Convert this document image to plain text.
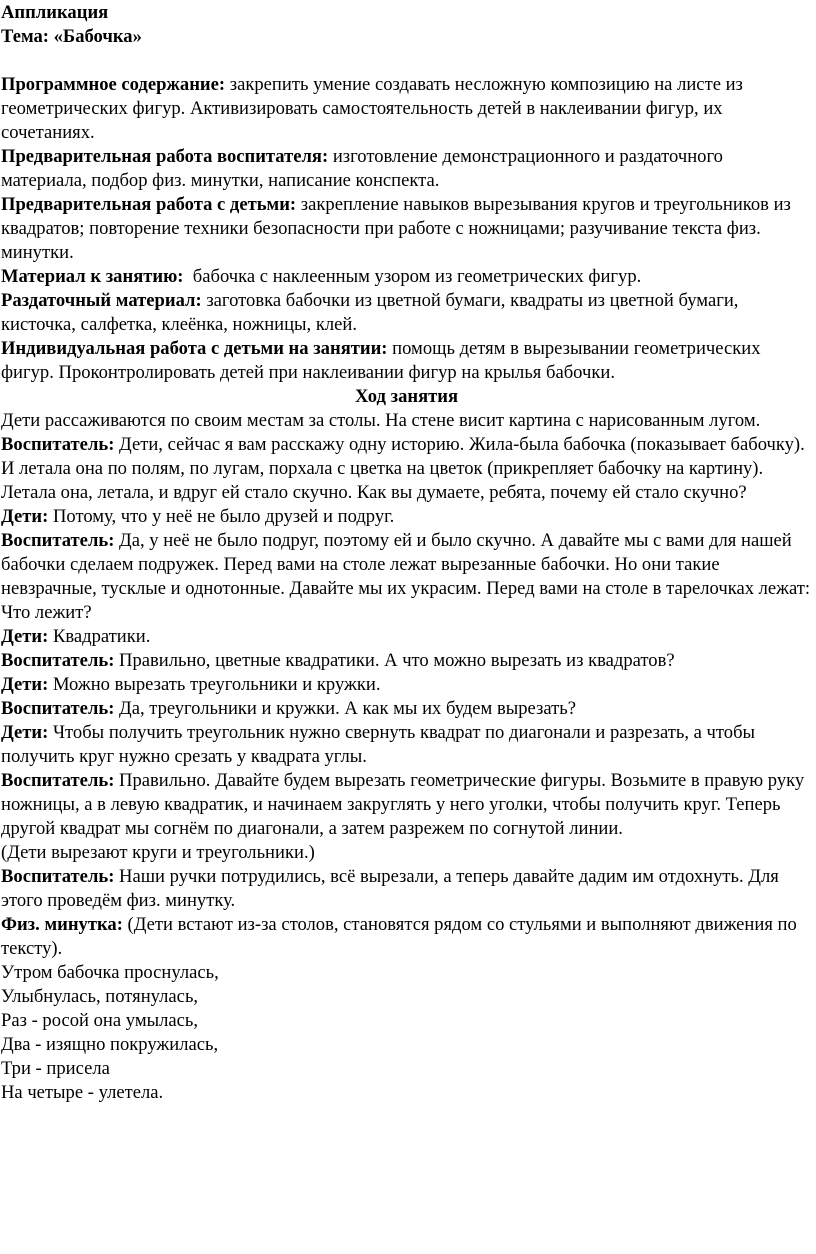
Аппликация

Тема: «Бабочка»

Программное содержание: закрепить умение создавать несложную композицию на листе из геометрических фигур. Активизировать самостоятельность детей в наклеивании фигур, их сочетаниях.

Предварительная работа воспитателя: изготовление демонстрационного и раздаточного материала, подбор физ. минутки, написание конспекта.

Предварительная работа с детьми: закрепление навыков вырезывания кругов и треугольников из квадратов; повторение техники безопасности при работе с ножницами; разучивание текста физ. минутки.

Материал к занятию:  бабочка с наклеенным узором из геометрических фигур.

Раздаточный материал: заготовка бабочки из цветной бумаги, квадраты из цветной бумаги, кисточка, салфетка, клеёнка, ножницы, клей.

Индивидуальная работа с детьми на занятии: помощь детям в вырезывании геометрических фигур. Проконтролировать детей при наклеивании фигур на крылья бабочки.

Ход занятия

Дети рассаживаются по своим местам за столы. На стене висит картина с нарисованным лугом.

Воспитатель: Дети, сейчас я вам расскажу одну историю. Жила-была бабочка (показывает бабочку).

И летала она по полям, по лугам, порхала с цветка на цветок (прикрепляет бабочку на картину).

Летала она, летала, и вдруг ей стало скучно. Как вы думаете, ребята, почему ей стало скучно?

Дети: Потому, что у неё не было друзей и подруг.

Воспитатель: Да, у неё не было подруг, поэтому ей и было скучно. А давайте мы с вами для нашей бабочки сделаем подружек. Перед вами на столе лежат вырезанные бабочки. Но они такие невзрачные, тусклые и однотонные. Давайте мы их украсим. Перед вами на столе в тарелочках лежат: Что лежит?

Дети: Квадратики.

Воспитатель: Правильно, цветные квадратики. А что можно вырезать из квадратов?

Дети: Можно вырезать треугольники и кружки.

Воспитатель: Да, треугольники и кружки. А как мы их будем вырезать?

Дети: Чтобы получить треугольник нужно свернуть квадрат по диагонали и разрезать, а чтобы получить круг нужно срезать у квадрата углы.

Воспитатель: Правильно. Давайте будем вырезать геометрические фигуры. Возьмите в правую руку ножницы, а в левую квадратик, и начинаем закруглять у него уголки, чтобы получить круг. Теперь другой квадрат мы согнём по диагонали, а затем разрежем по согнутой линии.

(Дети вырезают круги и треугольники.)

Воспитатель: Наши ручки потрудились, всё вырезали, а теперь давайте дадим им отдохнуть. Для этого проведём физ. минутку.

Физ. минутка: (Дети встают из-за столов, становятся рядом со стульями и выполняют движения по тексту).

Утром бабочка проснулась,

Улыбнулась, потянулась,

Раз - росой она умылась,

Два - изящно покружилась,

Три - присела

На четыре - улетела.
